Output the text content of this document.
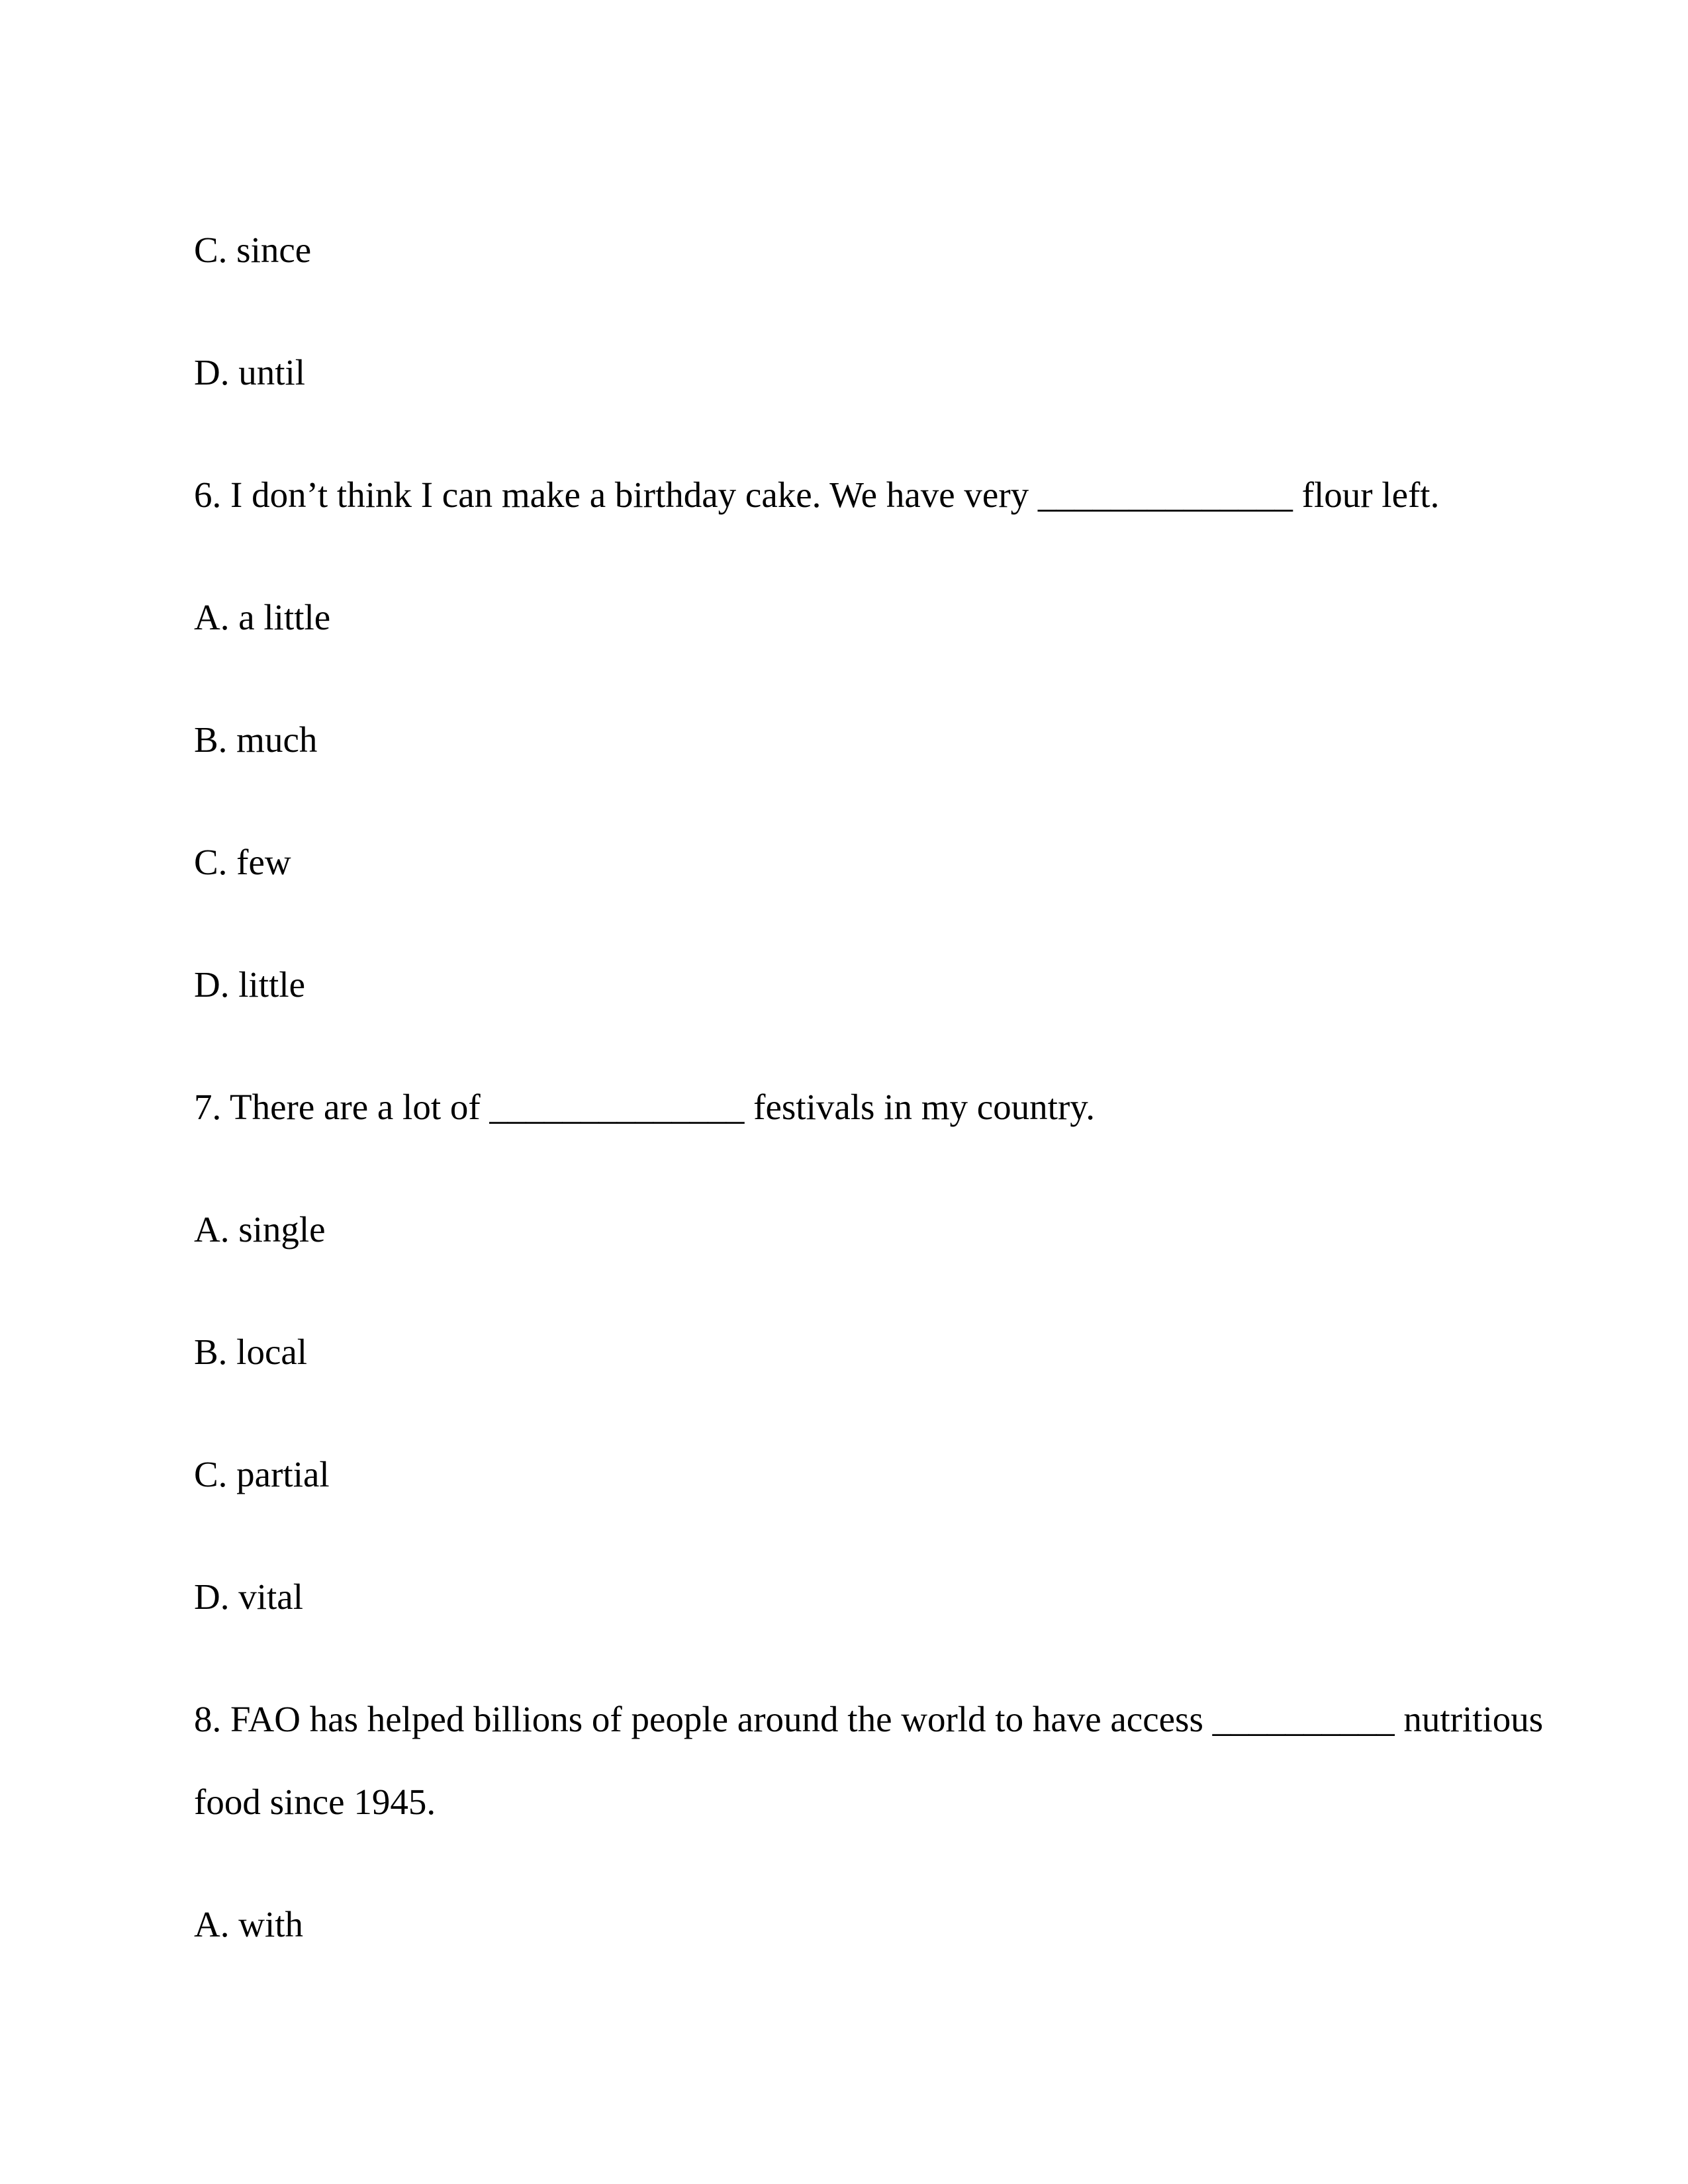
C. since

D. until

6. I don’t think I can make a birthday cake. We have very ______________ flour left.

A. a little

B. much

C. few

D. little

7. There are a lot of ______________ festivals in my country.

A. single

B. local

C. partial

D. vital

8. FAO has helped billions of people around the world to have access __________ nutritious food since 1945.

A. with
